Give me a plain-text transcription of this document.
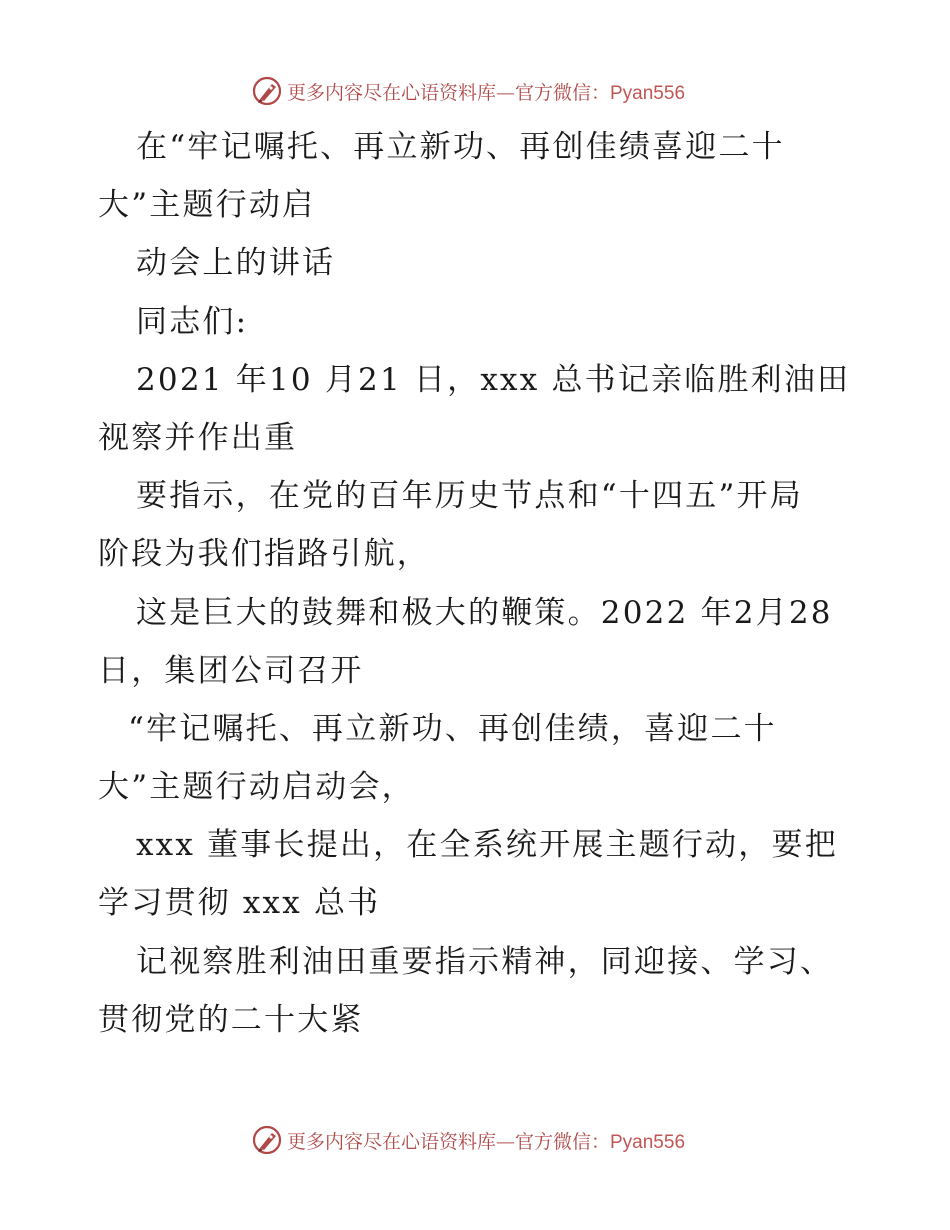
更多内容尽在心语资料库—官方微信：Pyan556
在“牢记嘱托、再立新功、再创佳绩喜迎二十
大”主题行动启
动会上的讲话
同志们:
2021 年10 月21 日，xxx 总书记亲临胜利油田
视察并作出重
要指示，在党的百年历史节点和“十四五”开局
阶段为我们指路引航，
这是巨大的鼓舞和极大的鞭策。2022 年2月28
日，集团公司召开
“牢记嘱托、再立新功、再创佳绩，喜迎二十
大”主题行动启动会，
xxx 董事长提出，在全系统开展主题行动，要把
学习贯彻 xxx 总书
记视察胜利油田重要指示精神，同迎接、学习、
贯彻党的二十大紧
更多内容尽在心语资料库—官方微信：Pyan556
